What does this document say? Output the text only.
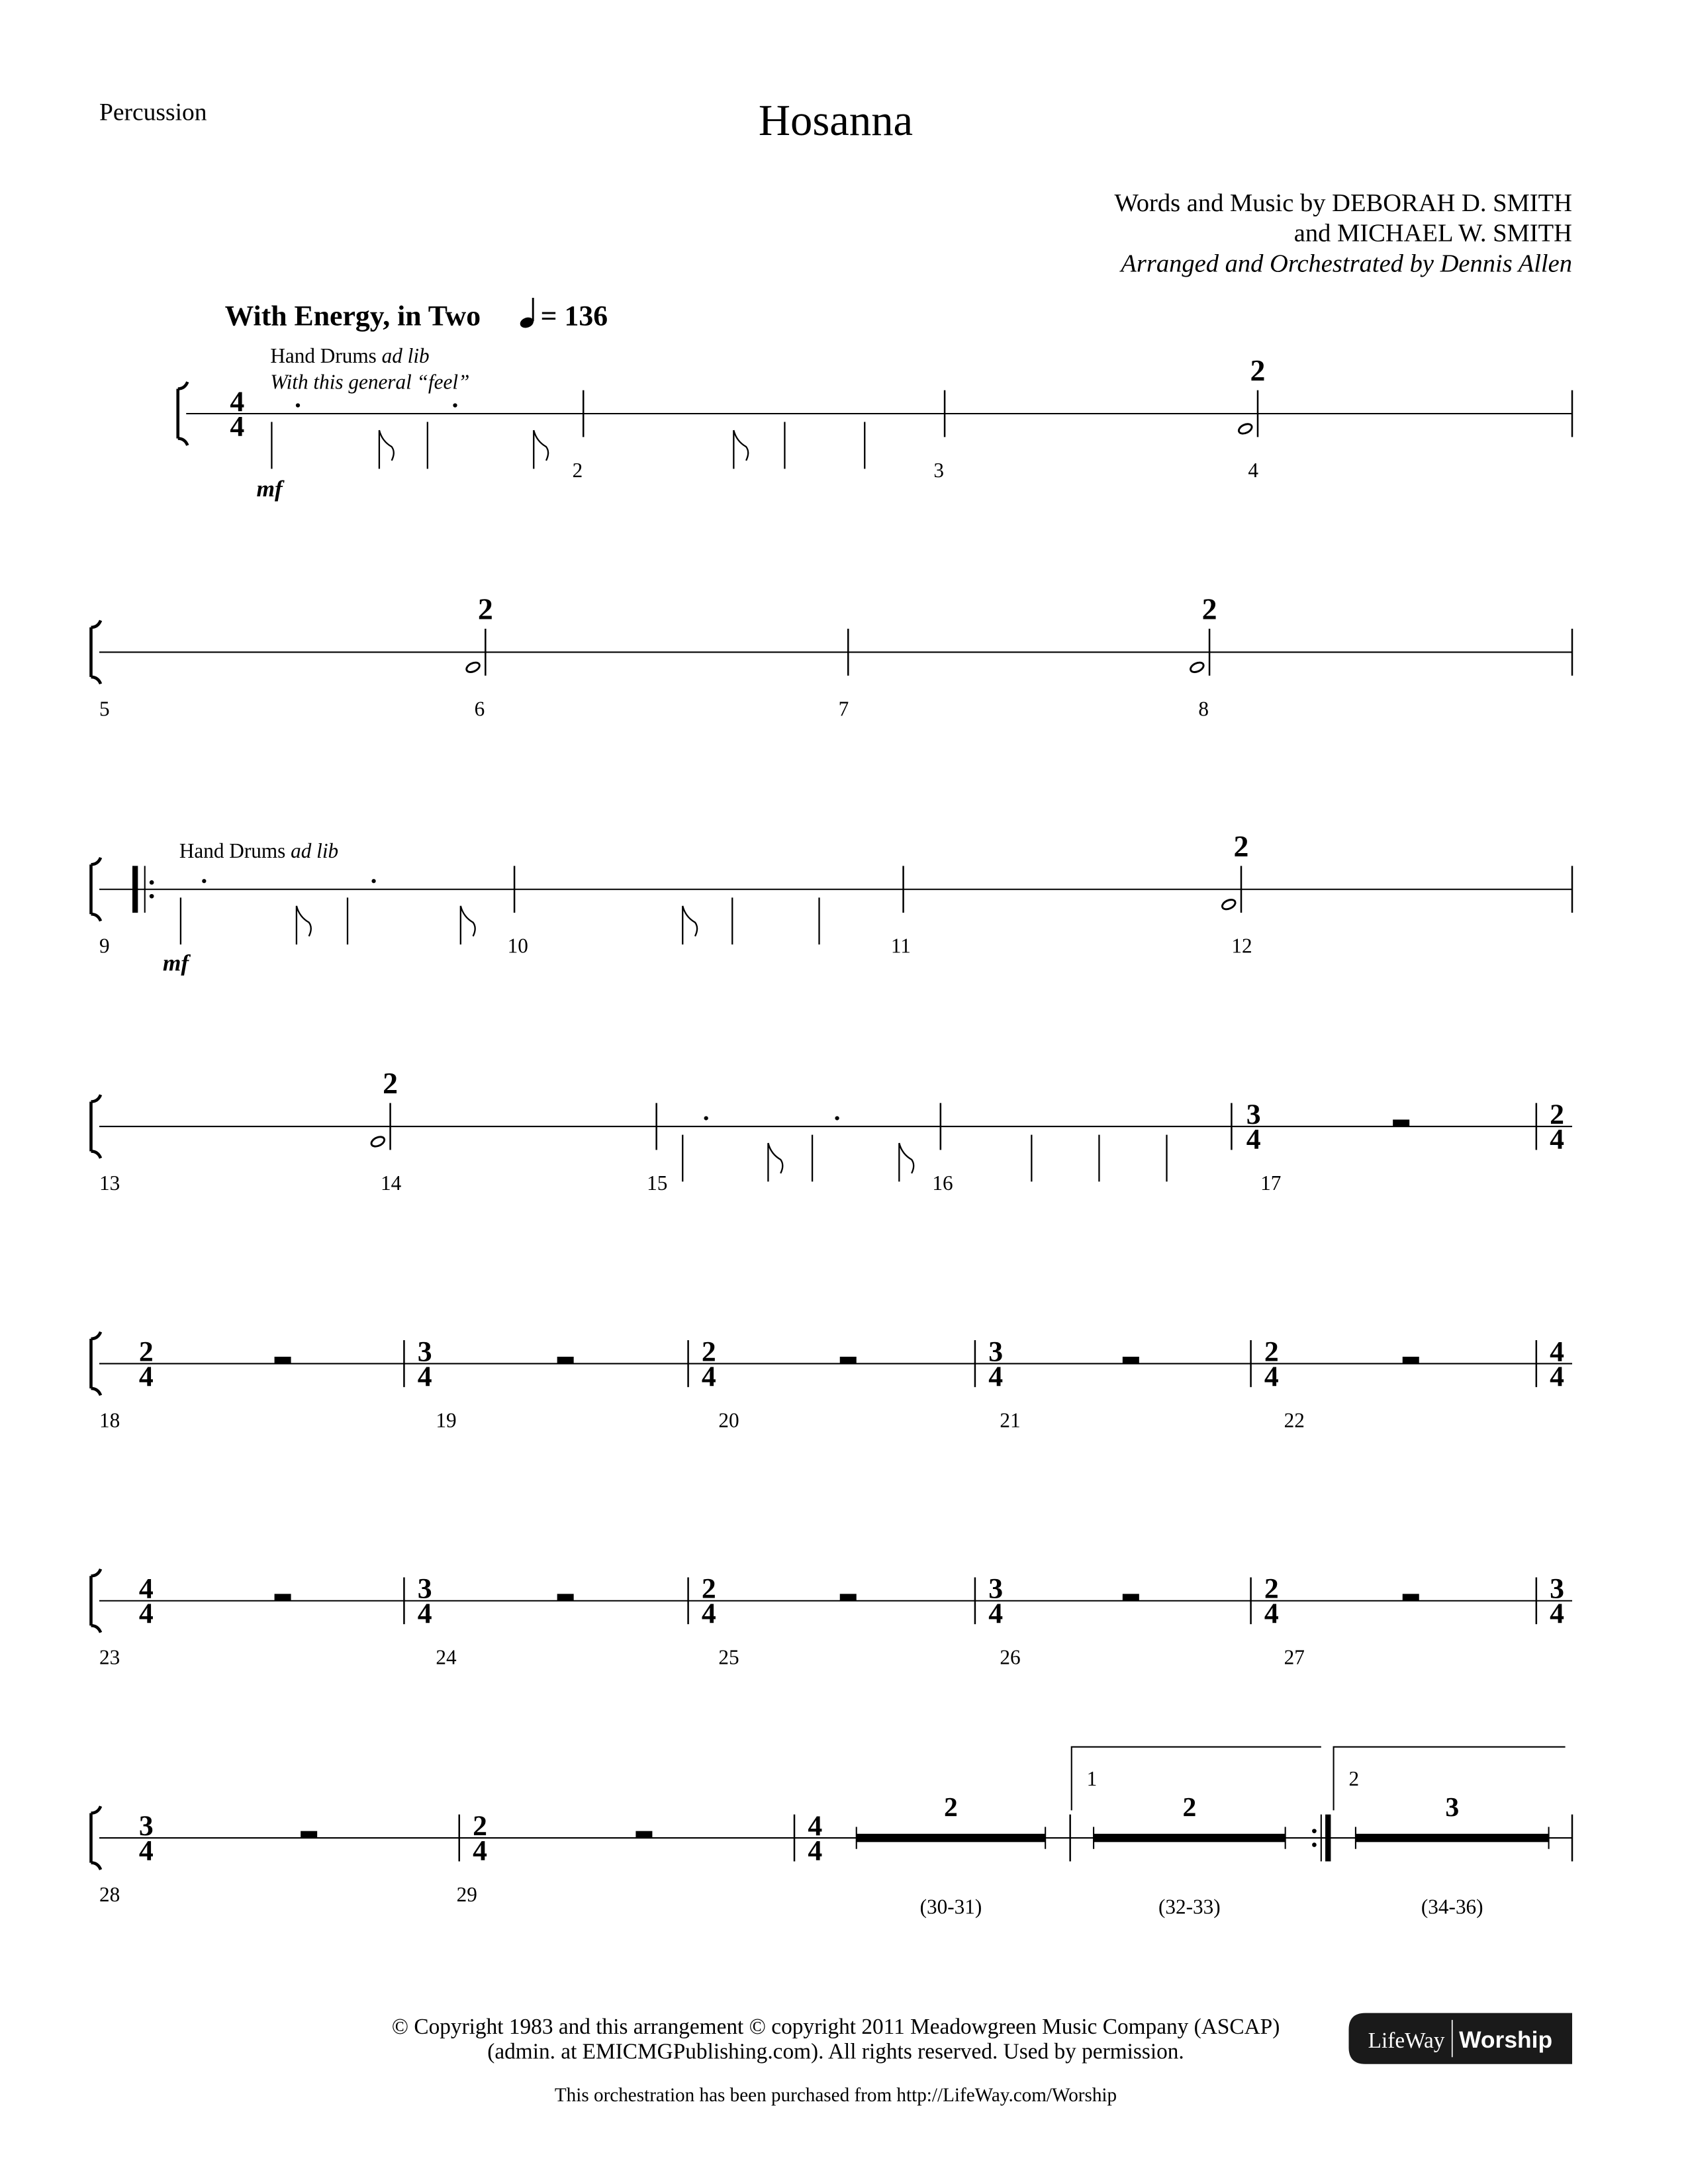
Percussion	Hosanna
Words and Music by DEBORAH D. SMITH
and MICHAEL W. SMITH
Arranged and Orchestrated by Dennis Allen
With Energy, in Two	= 136
Hand Drums ad lib
With this general “feel”
Hand Drums ad lib
mf
mf
4
4
2	3	4
2
5	6	7	8
2	2
9	10	11	12
2
3
4
2
4
13	14	15	16	17
2
2
4
3
4
2
4
3
4
2
4
4
4
18	19	20	21	22
4
4
3
4
2
4
3
4
2
4
3
4
23	24	25	26	27
3
4
2
4
4
4
28	29
2
(30-31)
2
(32-33)
3
(34-36)
1	2
© Copyright 1983 and this arrangement © copyright 2011 Meadowgreen Music Company (ASCAP)
(admin. at EMICMGPublishing.com). All rights reserved. Used by permission.	LifeWay Worship
This orchestration has been purchased from http://LifeWay.com/Worship
